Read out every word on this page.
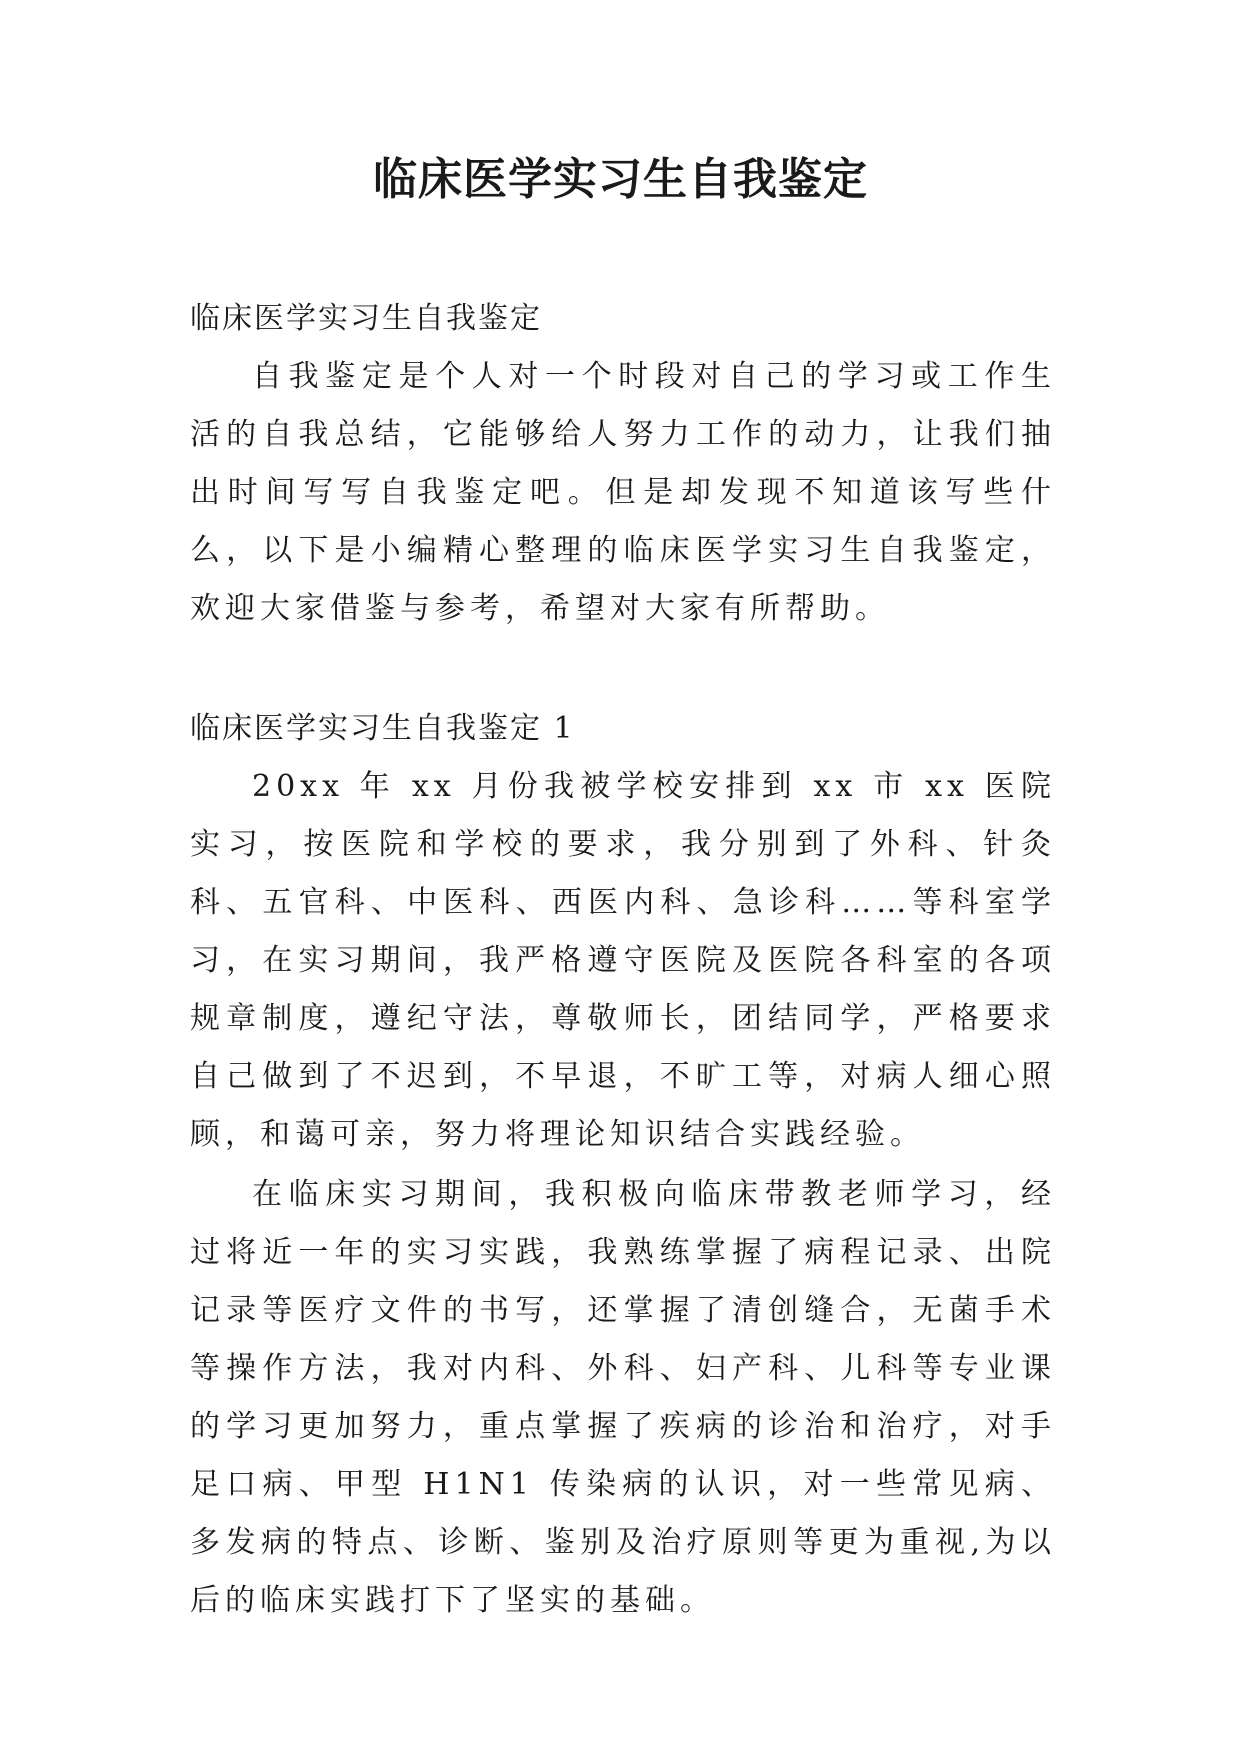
临床医学实习生自我鉴定
临床医学实习生自我鉴定

自我鉴定是个人对一个时段对自己的学习或工作生活的自我总结，它能够给人努力工作的动力，让我们抽出时间写写自我鉴定吧。但是却发现不知道该写些什么，以下是小编精心整理的临床医学实习生自我鉴定，欢迎大家借鉴与参考，希望对大家有所帮助。

临床医学实习生自我鉴定 1

20xx 年 xx 月份我被学校安排到 xx 市 xx 医院实习，按医院和学校的要求，我分别到了外科、针灸科、五官科、中医科、西医内科、急诊科……等科室学习，在实习期间，我严格遵守医院及医院各科室的各项规章制度，遵纪守法，尊敬师长，团结同学，严格要求自己做到了不迟到，不早退，不旷工等，对病人细心照顾，和蔼可亲，努力将理论知识结合实践经验。

在临床实习期间，我积极向临床带教老师学习，经过将近一年的实习实践，我熟练掌握了病程记录、出院记录等医疗文件的书写，还掌握了清创缝合，无菌手术等操作方法，我对内科、外科、妇产科、儿科等专业课的学习更加努力，重点掌握了疾病的诊治和治疗，对手足口病、甲型 H1N1 传染病的认识，对一些常见病、多发病的特点、诊断、鉴别及治疗原则等更为重视,为以后的临床实践打下了坚实的基础。
